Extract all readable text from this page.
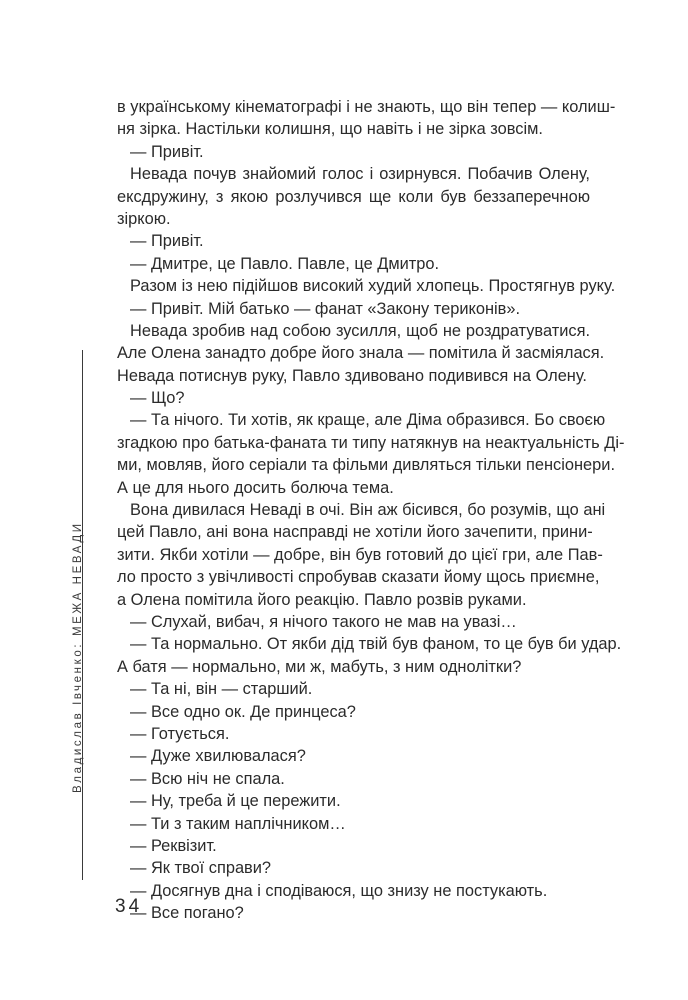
в українському кінематографі і не знають, що він тепер — колиш-
ня зірка. Настільки колишня, що навіть і не зірка зовсім.
— Привіт.
Невада почув знайомий голос і озирнувся. Побачив Олену,
ексдружину, з якою розлучився ще коли був беззаперечною
зіркою.
— Привіт.
— Дмитре, це Павло. Павле, це Дмитро.
Разом із нею підійшов високий худий хлопець. Простягнув руку.
— Привіт. Мій батько — фанат «Закону териконів».
Невада зробив над собою зусилля, щоб не роздратуватися.
Але Олена занадто добре його знала — помітила й засміялася.
Невада потиснув руку, Павло здивовано подивився на Олену.
— Що?
— Та нічого. Ти хотів, як краще, але Діма образився. Бо своєю
згадкою про батька-фаната ти типу натякнув на неактуальність Ді-
ми, мовляв, його серіали та фільми дивляться тільки пенсіонери.
А це для нього досить болюча тема.
Вона дивилася Неваді в очі. Він аж бісився, бо розумів, що ані
цей Павло, ані вона насправді не хотіли його зачепити, прини-
зити. Якби хотіли — добре, він був готовий до цієї гри, але Пав-
ло просто з увічливості спробував сказати йому щось приємне,
а Олена помітила його реакцію. Павло розвів руками.
— Слухай, вибач, я нічого такого не мав на увазі…
— Та нормально. От якби дід твій був фаном, то це був би удар.
А батя — нормально, ми ж, мабуть, з ним однолітки?
— Та ні, він — старший.
— Все одно ок. Де принцеса?
— Готується.
— Дуже хвилювалася?
— Всю ніч не спала.
— Ну, треба й це пережити.
— Ти з таким наплічником…
— Реквізит.
— Як твої справи?
— Досягнув дна і сподіваюся, що знизу не постукають.
— Все погано?
Владислав Івченко: МЕЖА НЕВАДИ
34
